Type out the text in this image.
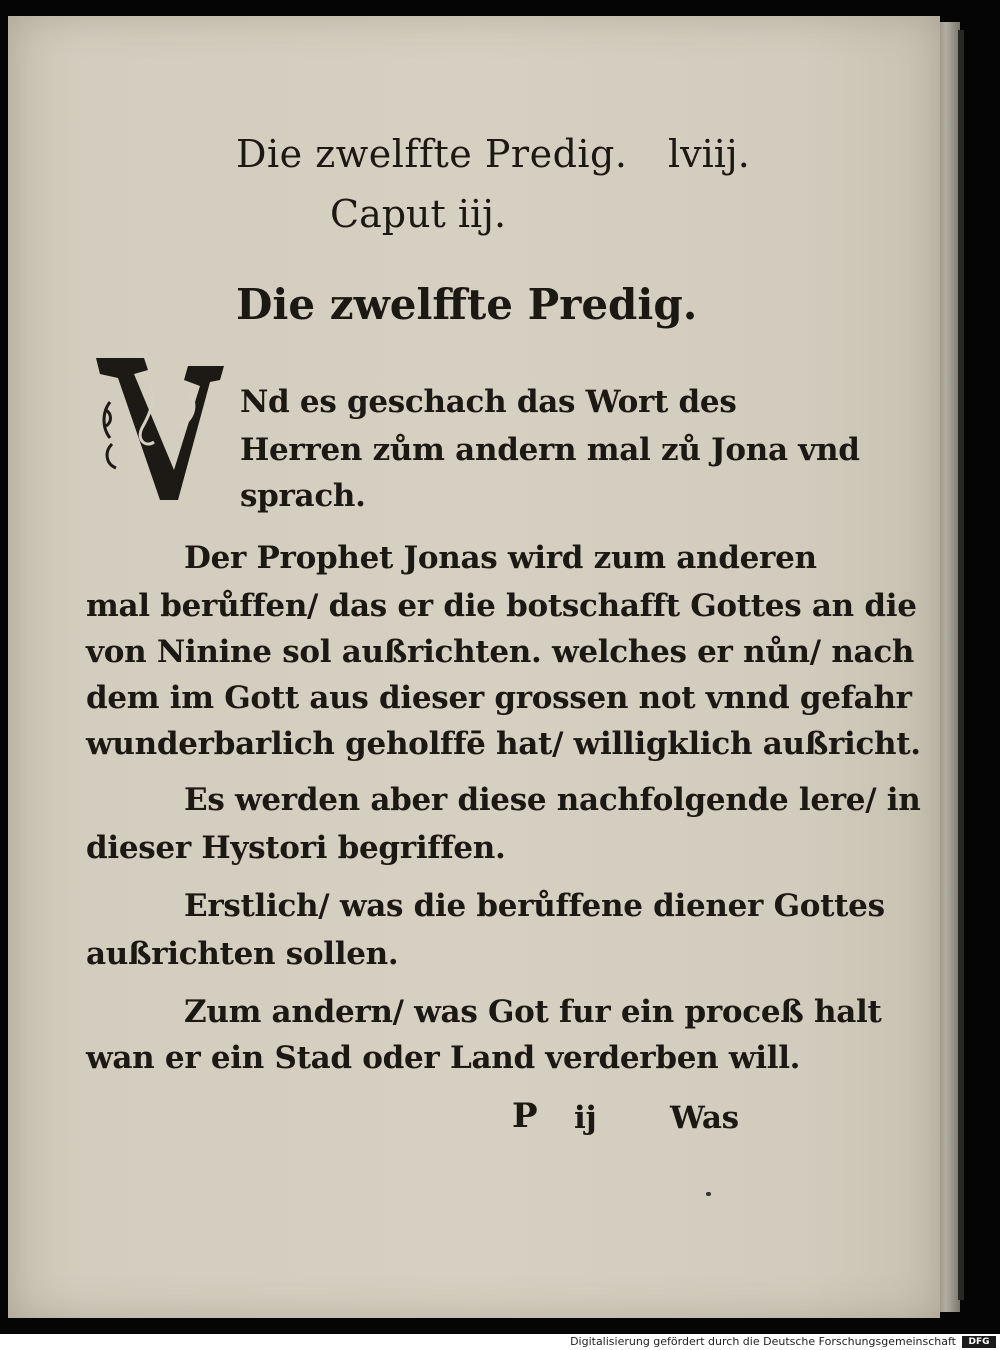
Die zwelffte Predig. lviij.
Caput iij.
Die zwelffte Predig.
Nd es geschach das Wort des
Herren zům andern mal zů Jona vnd
sprach.
Der Prophet Jonas wird zum anderen
mal berůffen/ das er die botschafft Gottes an die
von Ninine sol außrichten. welches er nůn/ nach
dem im Gott aus dieser grossen not vnnd gefahr
wunderbarlich geholffē hat/ willigklich außricht.
Es werden aber diese nachfolgende lere/ in
dieser Hystori begriffen.
Erstlich/ was die berůffene diener Gottes
außrichten sollen.
Zum andern/ was Got fur ein proceß halt
wan er ein Stad oder Land verderben will.
P ij Was
Digitalisierung gefördert durch die Deutsche Forschungsgemeinschaft	DFG
